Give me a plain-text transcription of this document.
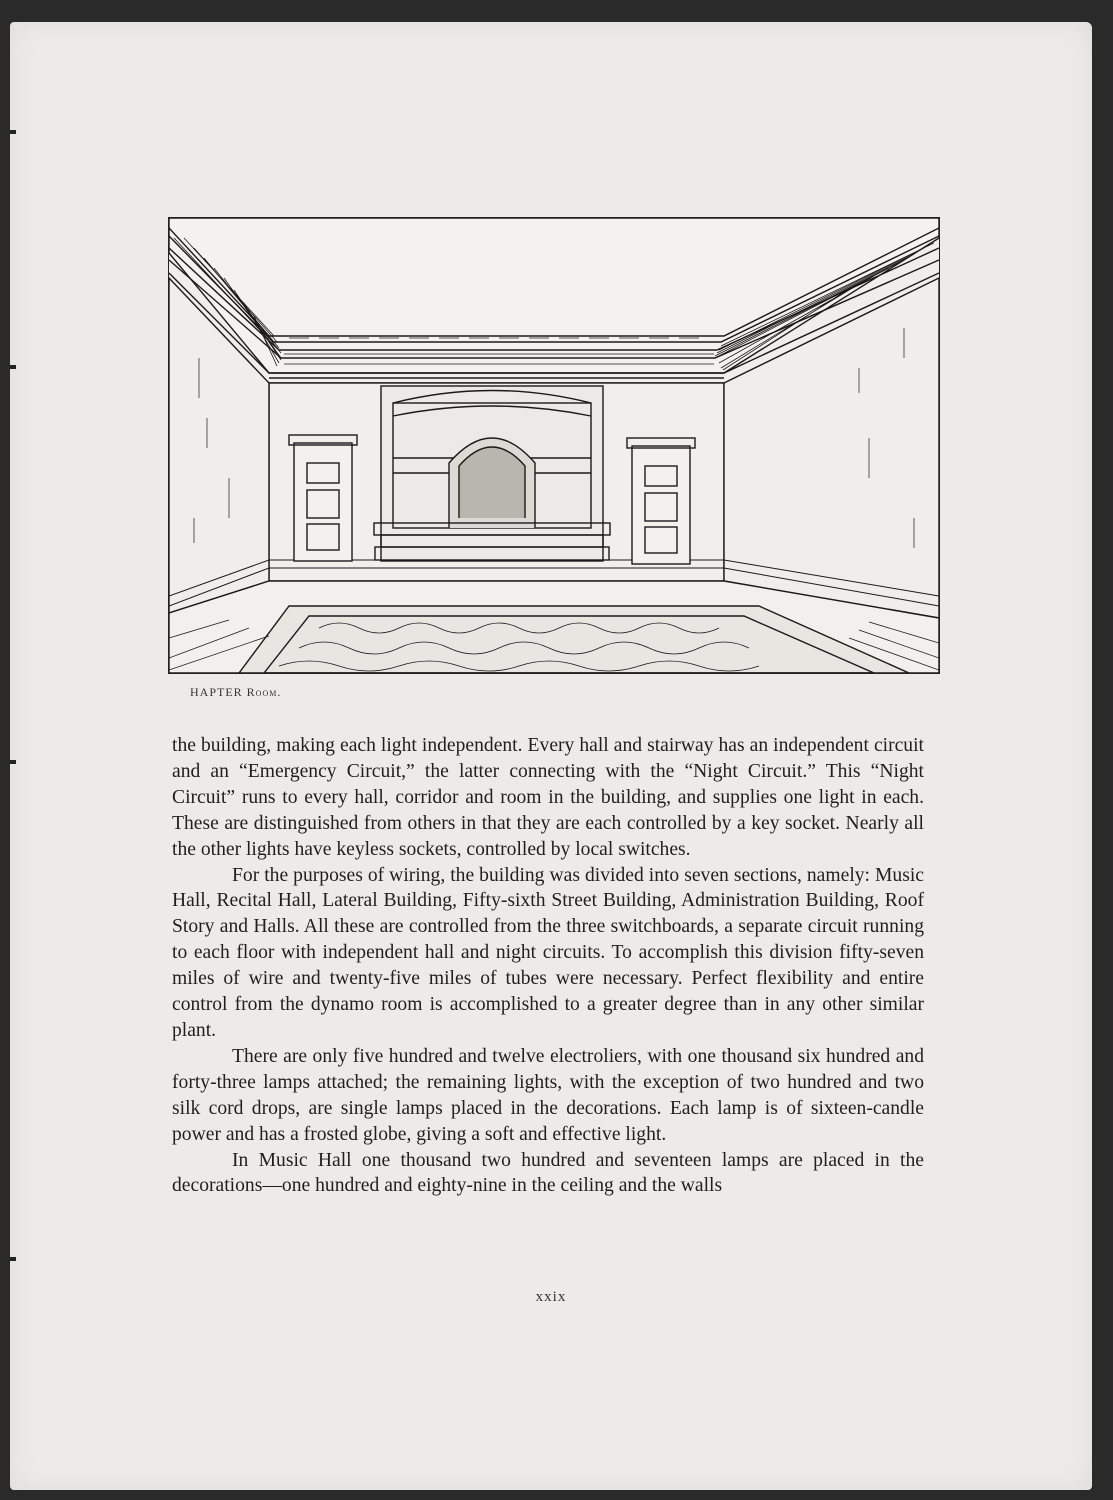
HAPTER Room.

the building, making each light independent. Every hall and stairway has an independent circuit and an “Emergency Circuit,” the latter connecting with the “Night Circuit.” This “Night Circuit” runs to every hall, corridor and room in the building, and supplies one light in each. These are distinguished from others in that they are each controlled by a key socket. Nearly all the other lights have keyless sockets, controlled by local switches.

For the purposes of wiring, the building was divided into seven sections, namely: Music Hall, Recital Hall, Lateral Building, Fifty-sixth Street Building, Administration Building, Roof Story and Halls. All these are controlled from the three switchboards, a separate circuit running to each floor with independent hall and night circuits. To accomplish this division fifty-seven miles of wire and twenty-five miles of tubes were necessary. Perfect flexibility and entire control from the dynamo room is accomplished to a greater degree than in any other similar plant.

There are only five hundred and twelve electroliers, with one thousand six hundred and forty-three lamps attached; the remaining lights, with the exception of two hundred and two silk cord drops, are single lamps placed in the decorations. Each lamp is of sixteen-candle power and has a frosted globe, giving a soft and effective light.

In Music Hall one thousand two hundred and seventeen lamps are placed in the decorations—one hundred and eighty-nine in the ceiling and the walls

xxix
